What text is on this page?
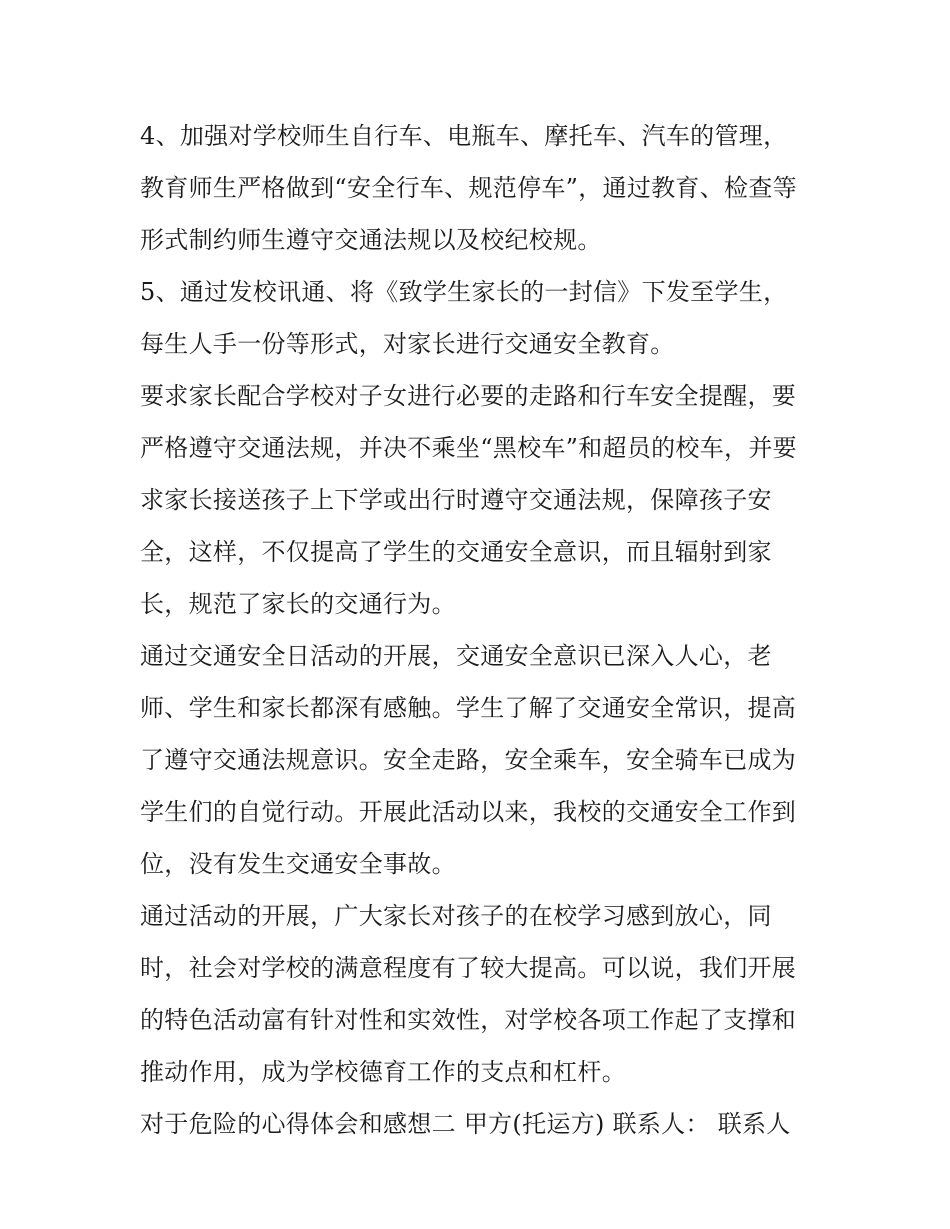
4、加强对学校师生自行车、电瓶车、摩托车、汽车的管理，
教育师生严格做到“安全行车、规范停车”，通过教育、检查等
形式制约师生遵守交通法规以及校纪校规。
5、通过发校讯通、将《致学生家长的一封信》下发至学生，
每生人手一份等形式，对家长进行交通安全教育。
要求家长配合学校对子女进行必要的走路和行车安全提醒，要
严格遵守交通法规，并决不乘坐“黑校车”和超员的校车，并要
求家长接送孩子上下学或出行时遵守交通法规，保障孩子安
全，这样，不仅提高了学生的交通安全意识，而且辐射到家
长，规范了家长的交通行为。
通过交通安全日活动的开展，交通安全意识已深入人心，老
师、学生和家长都深有感触。学生了解了交通安全常识，提高
了遵守交通法规意识。安全走路，安全乘车，安全骑车已成为
学生们的自觉行动。开展此活动以来，我校的交通安全工作到
位，没有发生交通安全事故。
通过活动的开展，广大家长对孩子的在校学习感到放心，同
时，社会对学校的满意程度有了较大提高。可以说，我们开展
的特色活动富有针对性和实效性，对学校各项工作起了支撑和
推动作用，成为学校德育工作的支点和杠杆。
对于危险的心得体会和感想二 甲方(托运方) 联系人： 联系人
